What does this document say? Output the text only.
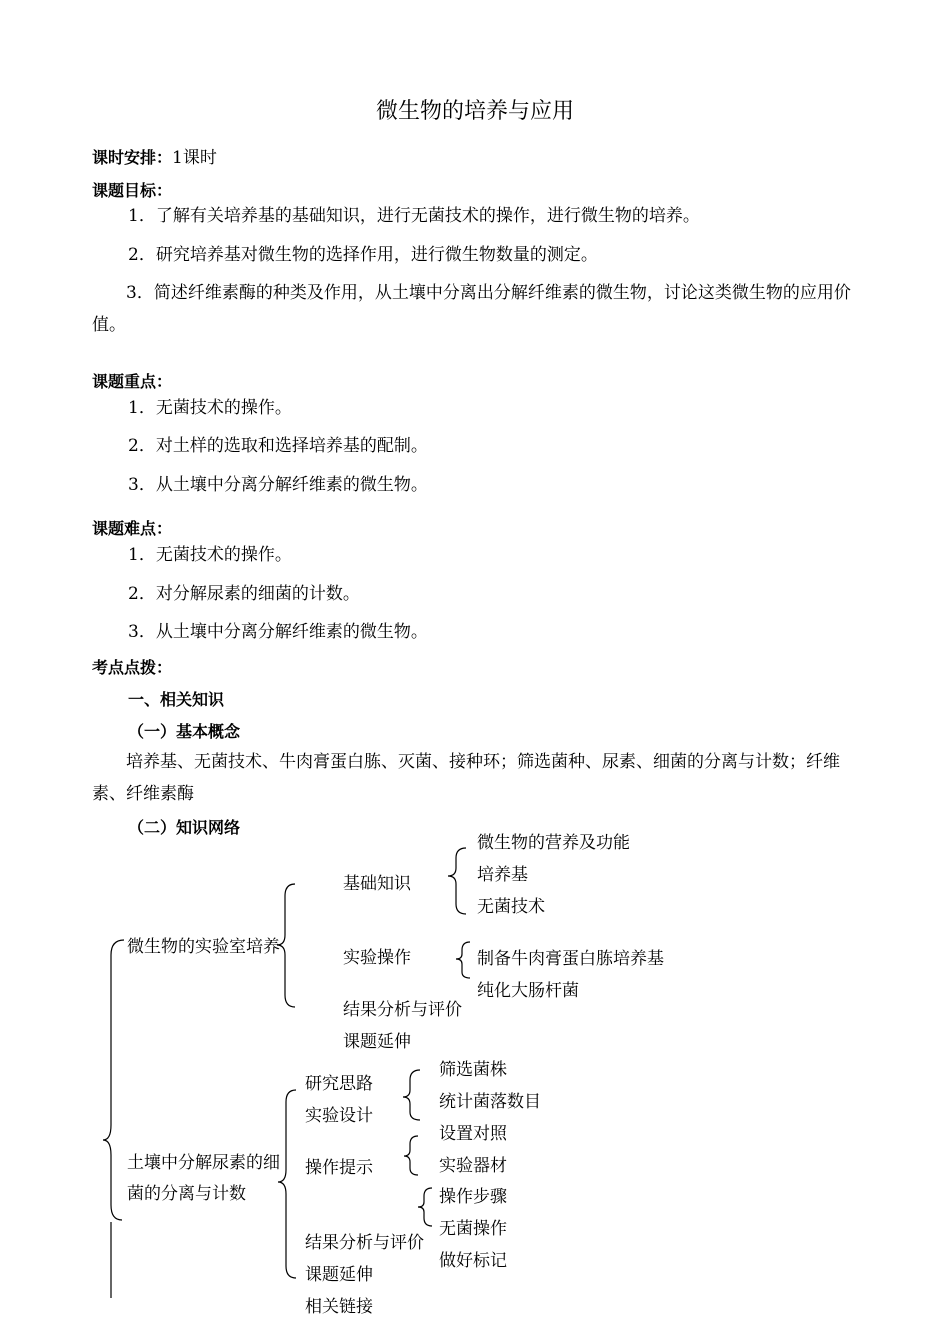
微生物的培养与应用
课时安排：1课时
课题目标：
1．了解有关培养基的基础知识，进行无菌技术的操作，进行微生物的培养。
2．研究培养基对微生物的选择作用，进行微生物数量的测定。
3．简述纤维素酶的种类及作用，从土壤中分离出分解纤维素的微生物，讨论这类微生物的应用价值。
课题重点：
1．无菌技术的操作。
2．对土样的选取和选择培养基的配制。
3．从土壤中分离分解纤维素的微生物。
课题难点：
1．无菌技术的操作。
2．对分解尿素的细菌的计数。
3．从土壤中分离分解纤维素的微生物。
考点点拨：
一、相关知识
（一）基本概念
培养基、无菌技术、牛肉膏蛋白胨、灭菌、接种环；筛选菌种、尿素、细菌的分离与计数；纤维素、纤维素酶
（二）知识网络
微生物的实验室培养
基础知识
微生物的营养及功能
培养基
无菌技术
实验操作	制备牛肉膏蛋白胨培养基
纯化大肠杆菌
结果分析与评价
课题延伸
土壤中分解尿素的细
菌的分离与计数
研究思路
实验设计
筛选菌株
统计菌落数目
操作提示
设置对照
实验器材
操作步骤
无菌操作
做好标记
结果分析与评价
课题延伸
相关链接
